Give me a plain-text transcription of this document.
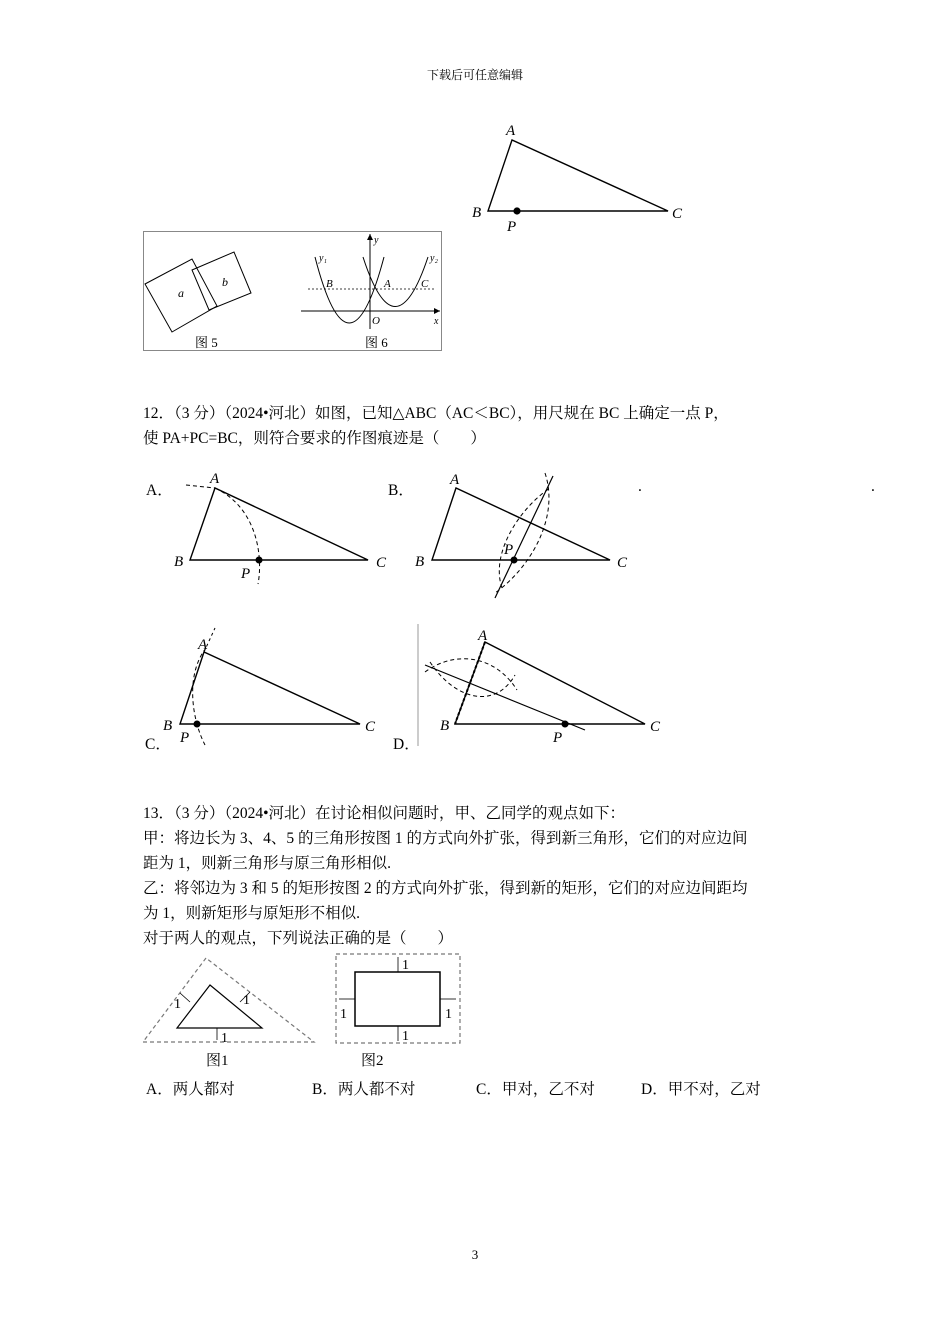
下载后可任意编辑
A
B	C
P
a
b
图 5
y₁	y₂
y
x
B	A	C
O
图 6
12．（3 分）（2024•河北）如图，已知△ABC（AC＜BC），用尺规在 BC 上确定一点 P，
使 PA+PC=BC，则符合要求的作图痕迹是（　　）
A．	B．	.	.
C．	D．
A
B	C
P
A
B	C
P
A
B	C
P
A
B	C
P
13．（3 分）（2024•河北）在讨论相似问题时，甲、乙同学的观点如下：
甲：将边长为 3、4、5 的三角形按图 1 的方式向外扩张，得到新三角形，它们的对应边间
距为 1，则新三角形与原三角形相似.
乙：将邻边为 3 和 5 的矩形按图 2 的方式向外扩张，得到新的矩形，它们的对应边间距均
为 1，则新矩形与原矩形不相似.
对于两人的观点，下列说法正确的是（　　）
1	1
1
图1
1
1
1	1
图2
A．两人都对	B．两人都不对	C．甲对，乙不对	D．甲不对，乙对
3
